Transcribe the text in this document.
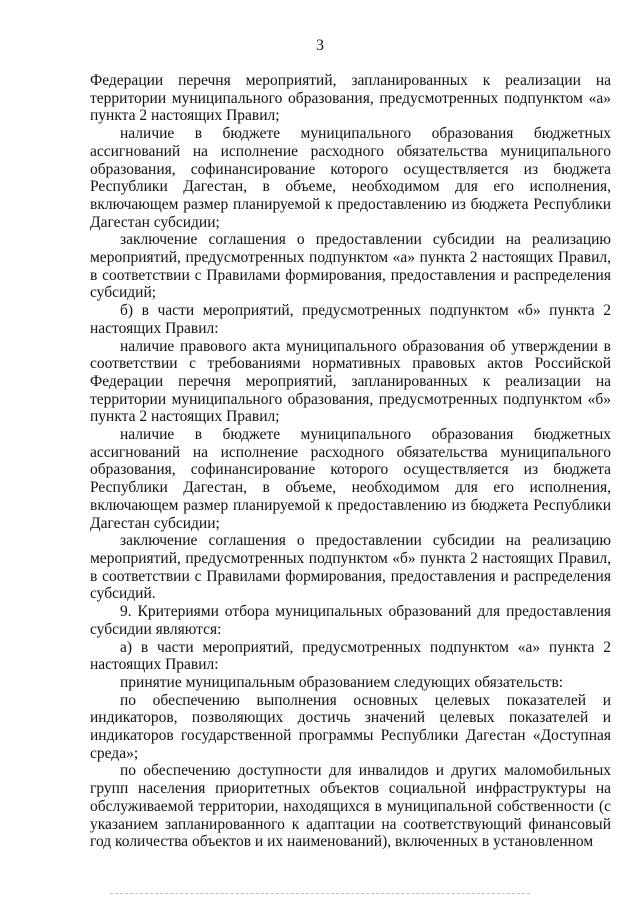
3

Федерации перечня мероприятий, запланированных к реализации на территории муниципального образования, предусмотренных подпунктом «а» пункта 2 настоящих Правил;

наличие в бюджете муниципального образования бюджетных ассигнований на исполнение расходного обязательства муниципального образования, софинансирование которого осуществляется из бюджета Республики Дагестан, в объеме, необходимом для его исполнения, включающем размер планируемой к предоставлению из бюджета Республики Дагестан субсидии;

заключение соглашения о предоставлении субсидии на реализацию мероприятий, предусмотренных подпунктом «а» пункта 2 настоящих Правил, в соответствии с Правилами формирования, предоставления и распределения субсидий;

б) в части мероприятий, предусмотренных подпунктом «б» пункта 2 настоящих Правил:

наличие правового акта муниципального образования об утверждении в соответствии с требованиями нормативных правовых актов Российской Федерации перечня мероприятий, запланированных к реализации на территории муниципального образования, предусмотренных подпунктом «б» пункта 2 настоящих Правил;

наличие в бюджете муниципального образования бюджетных ассигнований на исполнение расходного обязательства муниципального образования, софинансирование которого осуществляется из бюджета Республики Дагестан, в объеме, необходимом для его исполнения, включающем размер планируемой к предоставлению из бюджета Республики Дагестан субсидии;

заключение соглашения о предоставлении субсидии на реализацию мероприятий, предусмотренных подпунктом «б» пункта 2 настоящих Правил, в соответствии с Правилами формирования, предоставления и распределения субсидий.

9. Критериями отбора муниципальных образований для предоставления субсидии являются:

а) в части мероприятий, предусмотренных подпунктом «а» пункта 2 настоящих Правил:

принятие муниципальным образованием следующих обязательств:

по обеспечению выполнения основных целевых показателей и индикаторов, позволяющих достичь значений целевых показателей и индикаторов государственной программы Республики Дагестан «Доступная среда»;

по обеспечению доступности для инвалидов и других маломобильных групп населения приоритетных объектов социальной инфраструктуры на обслуживаемой территории, находящихся в муниципальной собственности (с указанием запланированного к адаптации на соответствующий финансовый год количества объектов и их наименований), включенных в установленном
